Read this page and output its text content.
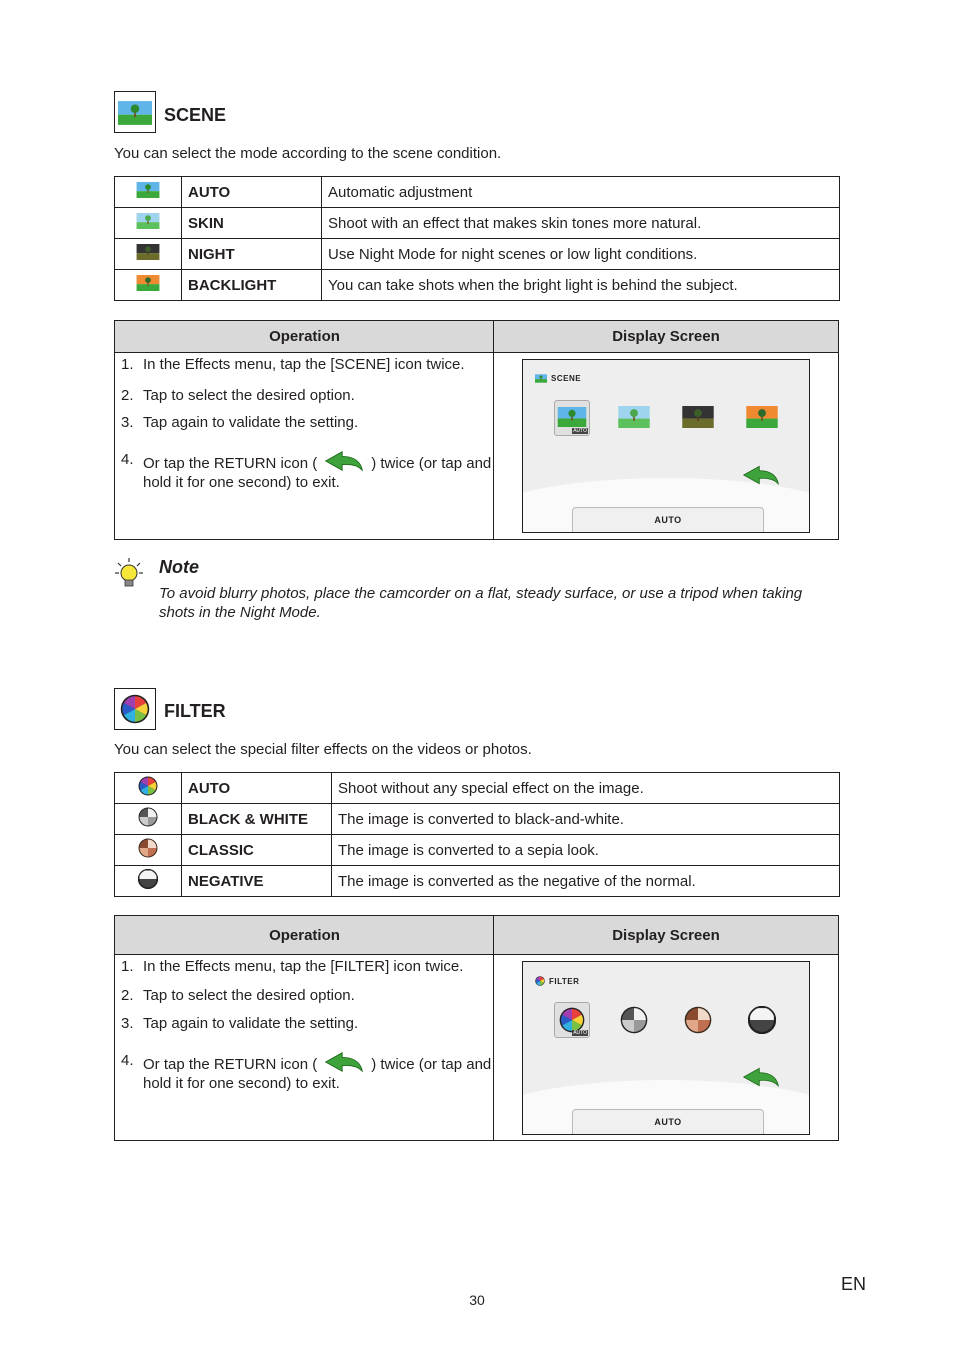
SCENE
You can select the mode according to the scene condition.
	AUTO	Automatic adjustment
	SKIN	Shoot with an effect that makes skin tones more natural.
	NIGHT	Use Night Mode for night scenes or low light conditions.
	BACKLIGHT	You can take shots when the bright light is behind the subject.
Operation	Display Screen
1. In the Effects menu, tap the [SCENE] icon twice.
2. Tap to select the desired option.
3. Tap again to validate the setting.
4. Or tap the RETURN icon (	) twice (or tap and hold it for one second) to exit.
SCENE
AUTO
AUTO
Note
To avoid blurry photos, place the camcorder on a flat, steady surface, or use a tripod when taking shots in the Night Mode.
FILTER
You can select the special filter effects on the videos or photos.
	AUTO	Shoot without any special effect on the image.
	BLACK & WHITE	The image is converted to black-and-white.
	CLASSIC	The image is converted to a sepia look.
	NEGATIVE	The image is converted as the negative of the normal.
Operation	Display Screen
1. In the Effects menu, tap the [FILTER] icon twice.
2. Tap to select the desired option.
3. Tap again to validate the setting.
4. Or tap the RETURN icon (	) twice (or tap and hold it for one second) to exit.
FILTER
AUTO
AUTO
EN
30
